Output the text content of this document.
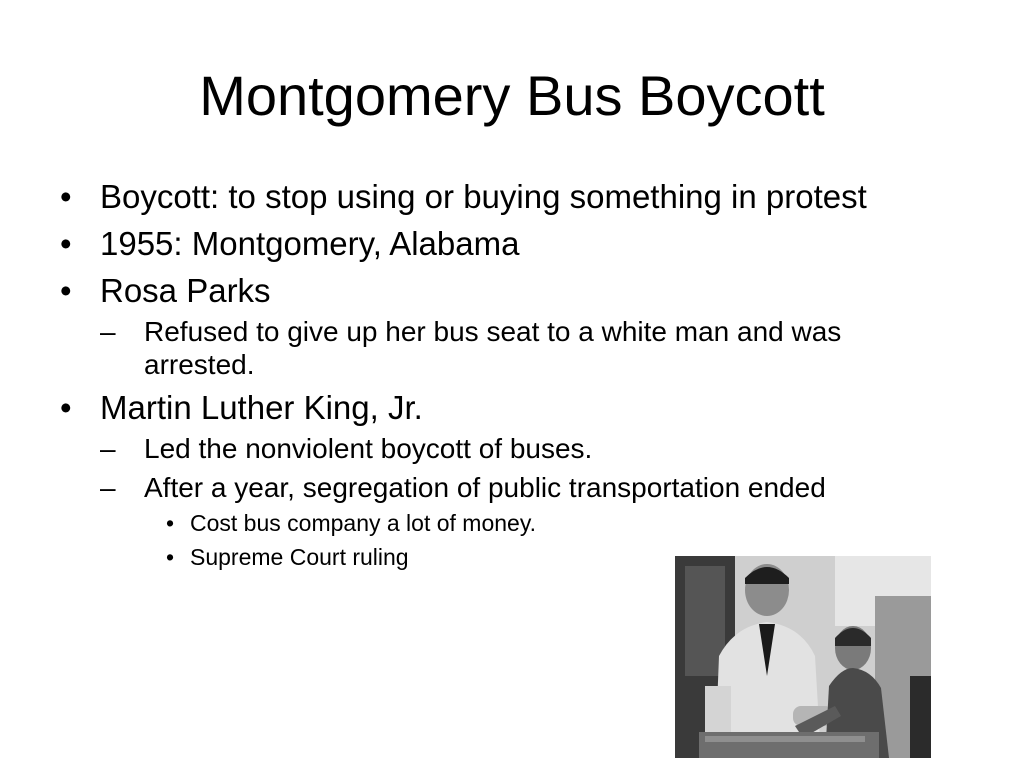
Montgomery Bus Boycott
• Boycott: to stop using or buying something in protest
• 1955: Montgomery, Alabama
• Rosa Parks
– Refused to give up her bus seat to a white man and was arrested.
• Martin Luther King, Jr.
– Led the nonviolent boycott of buses.
– After a year, segregation of public transportation ended
• Cost bus company a lot of money.
• Supreme Court ruling
